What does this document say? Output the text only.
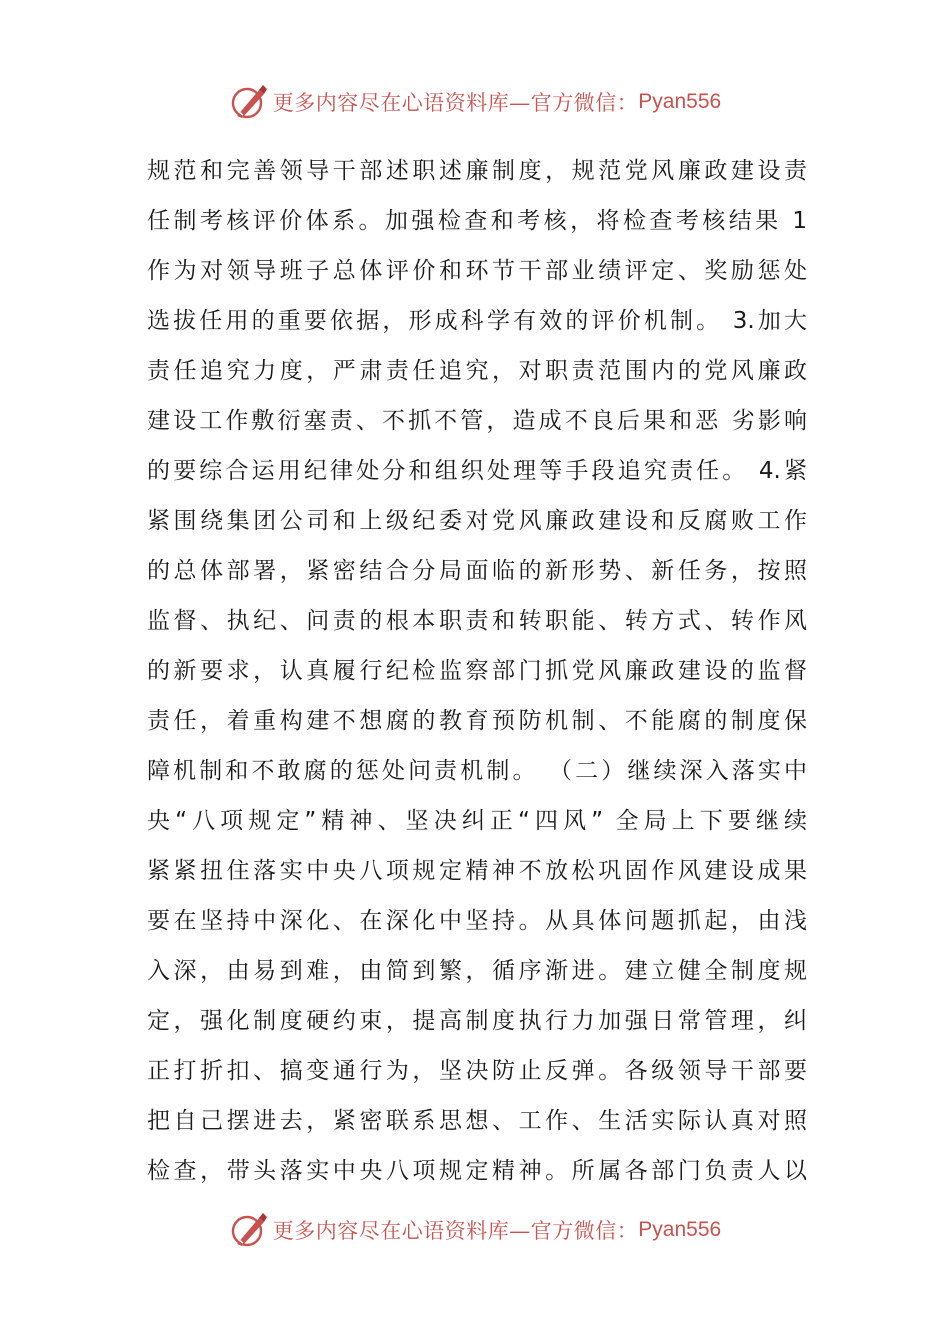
更多内容尽在心语资料库—官方微信： Pyan556
规范和完善领导干部述职述廉制度，规范党风廉政建设责
任制考核评价体系。加强检查和考核，将检查考核结果 1
作为对领导班子总体评价和环节干部业绩评定、奖励惩处
选拔任用的重要依据，形成科学有效的评价机制。 3.加大
责任追究力度，严肃责任追究，对职责范围内的党风廉政
建设工作敷衍塞责、不抓不管，造成不良后果和恶 劣影响
的要综合运用纪律处分和组织处理等手段追究责任。 4.紧
紧围绕集团公司和上级纪委对党风廉政建设和反腐败工作
的总体部署，紧密结合分局面临的新形势、新任务，按照
监督、执纪、问责的根本职责和转职能、转方式、转作风
的新要求，认真履行纪检监察部门抓党风廉政建设的监督
责任，着重构建不想腐的教育预防机制、不能腐的制度保
障机制和不敢腐的惩处问责机制。 （二）继续深入落实中
央“八项规定”精神、坚决纠正“四风” 全局上下要继续
紧紧扭住落实中央八项规定精神不放松巩固作风建设成果
要在坚持中深化、在深化中坚持。从具体问题抓起，由浅
入深，由易到难，由简到繁，循序渐进。建立健全制度规
定，强化制度硬约束，提高制度执行力加强日常管理，纠
正打折扣、搞变通行为，坚决防止反弹。各级领导干部要
把自己摆进去，紧密联系思想、工作、生活实际认真对照
检查，带头落实中央八项规定精神。所属各部门负责人以
更多内容尽在心语资料库—官方微信： Pyan556
